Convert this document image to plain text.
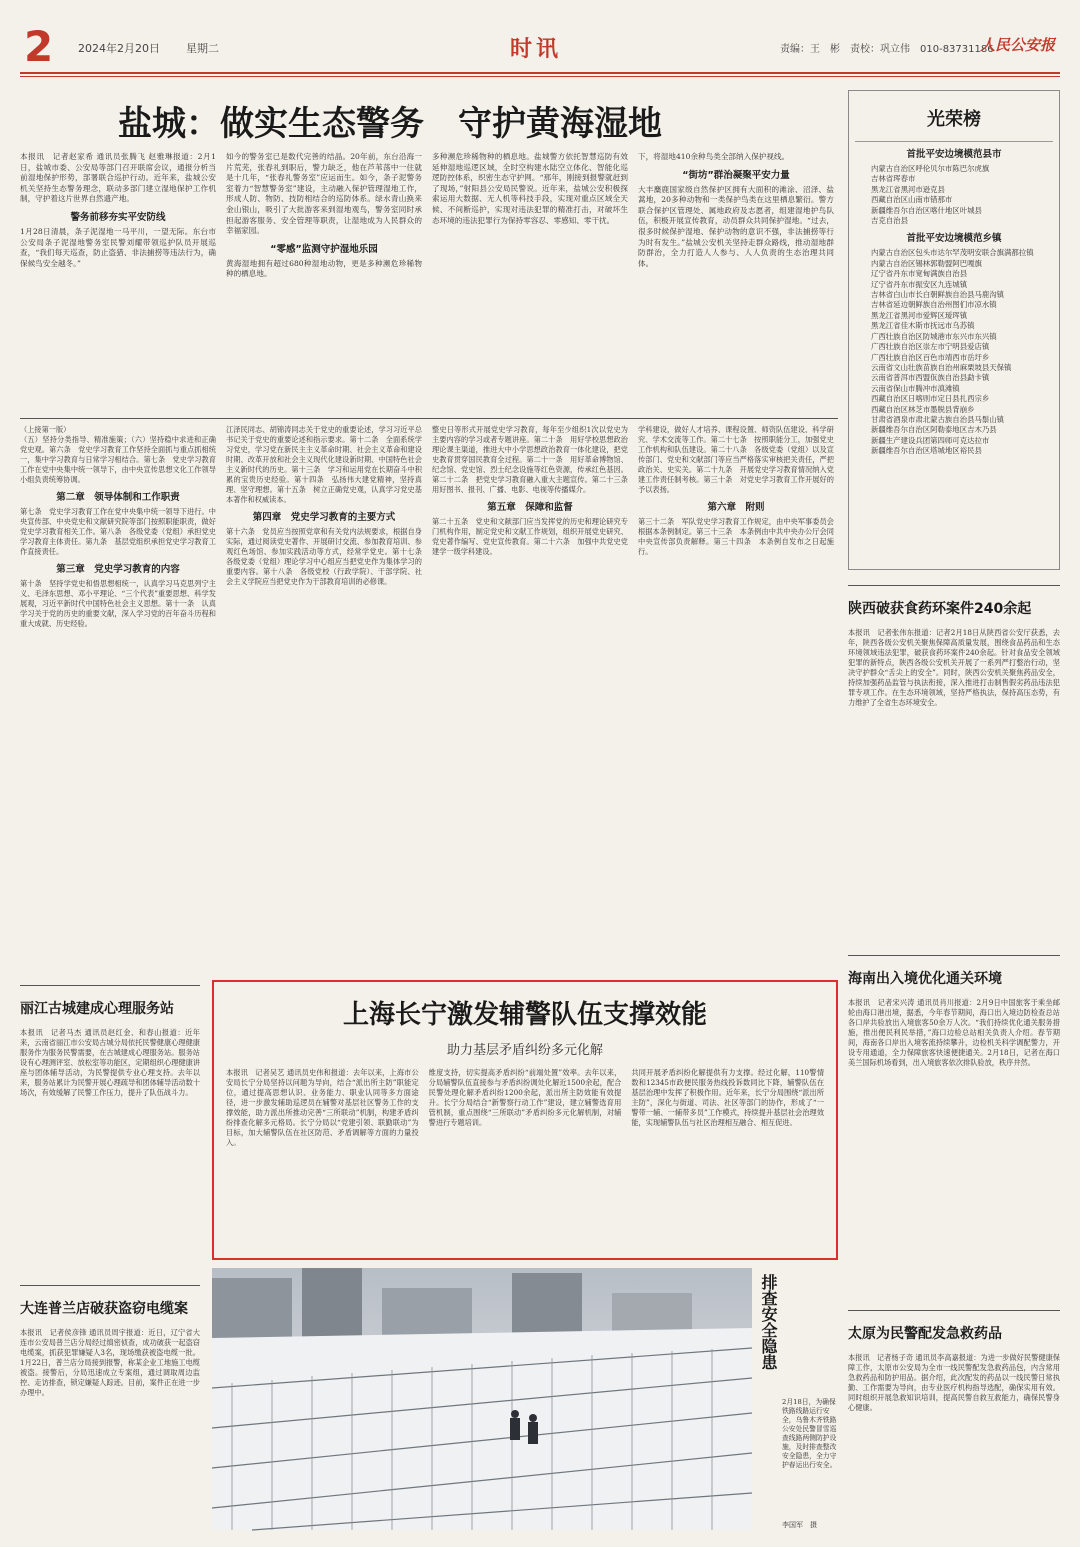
2 2024年2月20日 星期二	时讯	责编：王　彬　责校：巩立伟　010-83731186
人民公安报
盐城：做实生态警务　守护黄海湿地

本报讯　记者赵家希 通讯员张腾飞 赵雅琳报道：2月1日，盐城市委、公安局等部门召开联席会议，通报分析当前湿地保护形势，部署联合巡护行动。近年来，盐城公安机关坚持生态警务理念，联动多部门建立湿地保护工作机制，守护着这片世界自然遗产地。

警务前移夯实平安防线

1月28日清晨，条子泥湿地一马平川，一望无际。东台市公安局条子泥湿地警务室民警刘耀带领巡护队员开展巡查，“我们每天巡查，防止盗猎、非法捕捞等违法行为，确保候鸟安全越冬。”

如今的警务室已是数代完善的结晶。20年前，东台沿海一片荒芜，张春礼到职后，警力缺乏，他在芦苇荡中一住就是十几年，“张春礼警务室”应运而生。如今，条子泥警务室着力“智慧警务室”建设，主动融入保护管理湿地工作，形成人防、物防、技防相结合的巡防体系。绿水青山换来金山银山，吸引了大批游客来到湿地观鸟，警务室同时承担起游客服务、安全管理等职责，让湿地成为人民群众的幸福家园。

“零感”监测守护湿地乐园

黄海湿地拥有超过680种湿地动物，更是多种濒危珍稀物种的栖息地。

多种濒危珍稀物种的栖息地。盐城警方依托智慧巡防有效延伸湿地巡逻区域，全时空构建水陆空立体化、智能化巡逻防控体系，织密生态守护网。“那年，刚接到报警就赶到了现场，”射阳县公安局民警说。近年来，盐城公安积极探索运用大数据、无人机等科技手段，实现对重点区域全天候、不间断巡护，实现对违法犯罪的精准打击，对破坏生态环境的违法犯罪行为保持零容忍、零感知、零干扰。

下，将湿地410余种鸟类全部纳入保护视线。

“街坊”群治凝聚平安力量

大丰麋鹿国家级自然保护区拥有大面积的滩涂、沼泽、盐蒿地，20多种动物和一类保护鸟类在这里栖息繁衍。警方联合保护区管理处、属地政府及志愿者，组建湿地护鸟队伍，积极开展宣传教育，动员群众共同保护湿地。“过去，很多时候保护湿地、保护动物的意识不强，非法捕捞等行为时有发生。”盐城公安机关坚持走群众路线，推动湿地群防群治，全力打造人人参与、人人负责的生态治理共同体。

光荣榜
首批平安边境模范县市
内蒙古自治区呼伦贝尔市陈巴尔虎旗
吉林省珲春市
黑龙江省黑河市逊克县
西藏自治区山南市错那市
新疆维吾尔自治区喀什地区叶城县
吉克自治县
首批平安边境模范乡镇
内蒙古自治区包头市达尔罕茂明安联合旗满都拉镇
内蒙古自治区锡林郭勒盟阿巴嘎旗
辽宁省丹东市宽甸满族自治县
辽宁省丹东市振安区九连城镇
吉林省白山市长白朝鲜族自治县马鹿沟镇
吉林省延边朝鲜族自治州图们市凉水镇
黑龙江省黑河市爱辉区瑷珲镇
黑龙江省佳木斯市抚远市乌苏镇
广西壮族自治区防城港市东兴市东兴镇
广西壮族自治区崇左市宁明县爱店镇
广西壮族自治区百色市靖西市岳圩乡
云南省文山壮族苗族自治州麻栗坡县天保镇
云南省普洱市西盟佤族自治县勐卡镇
云南省保山市腾冲市滇滩镇
西藏自治区日喀则市定日县扎西宗乡
西藏自治区林芝市墨脱县背崩乡
甘肃省酒泉市肃北蒙古族自治县马鬃山镇
新疆维吾尔自治区阿勒泰地区吉木乃县
新疆生产建设兵团第四师可克达拉市
新疆维吾尔自治区塔城地区裕民县

（上接第一版）

（五）坚持分类指导、精准施策；（六）坚持稳中求进和正确党史观。第六条　党史学习教育工作坚持全面抓与重点抓相统一，集中学习教育与日常学习相结合。第七条　党史学习教育工作在党中央集中统一领导下，由中央宣传思想文化工作领导小组负责统筹协调。

第二章　领导体制和工作职责

第七条　党史学习教育工作在党中央集中统一领导下进行。中央宣传部、中央党史和文献研究院等部门按照职能职责，做好党史学习教育相关工作。第八条　各级党委（党组）承担党史学习教育主体责任。第九条　基层党组织承担党史学习教育工作直接责任。

第三章　党史学习教育的内容

第十条　坚持学党史和悟思想相统一，认真学习马克思列宁主义、毛泽东思想、邓小平理论、“三个代表”重要思想、科学发展观，习近平新时代中国特色社会主义思想。第十一条　认真学习关于党的历史的重要文献，深入学习党的百年奋斗历程和重大成就、历史经验。

江泽民同志、胡锦涛同志关于党史的重要论述，学习习近平总书记关于党史的重要论述和指示要求。第十二条　全面系统学习党史，学习党在新民主主义革命时期、社会主义革命和建设时期、改革开放和社会主义现代化建设新时期、中国特色社会主义新时代的历史。第十三条　学习和运用党在长期奋斗中积累的宝贵历史经验。第十四条　弘扬伟大建党精神，坚持真理、坚守理想。第十五条　树立正确党史观，认真学习党史基本著作和权威读本。

第四章　党史学习教育的主要方式

第十六条　党员应当按照党章和有关党内法规要求，根据自身实际，通过阅读党史著作、开展研讨交流、参加教育培训、参观红色场馆、参加实践活动等方式，经常学党史。第十七条　各级党委（党组）理论学习中心组应当把党史作为集体学习的重要内容。第十八条　各级党校（行政学院）、干部学院、社会主义学院应当把党史作为干部教育培训的必修课。

整史日等形式开展党史学习教育，每年至少组织1次以党史为主要内容的学习或者专题讲座。第二十条　用好学校思想政治理论课主渠道，推进大中小学思想政治教育一体化建设，把党史教育贯穿国民教育全过程。第二十一条　用好革命博物馆、纪念馆、党史馆、烈士纪念设施等红色资源，传承红色基因。第二十二条　把党史学习教育融入重大主题宣传。第二十三条　用好图书、报刊、广播、电影、电视等传播媒介。

第五章　保障和监督

第二十五条　党史和文献部门应当发挥党的历史和理论研究专门机构作用，制定党史和文献工作规划，组织开展党史研究、党史著作编写、党史宣传教育。第二十六条　加强中共党史党建学一级学科建设。

学科建设，做好人才培养、课程设置、师资队伍建设、科学研究、学术交流等工作。第二十七条　按照职能分工，加强党史工作机构和队伍建设。第二十八条　各级党委（党组）以及宣传部门、党史和文献部门等应当严格落实审核把关责任，严把政治关、史实关。第二十九条　开展党史学习教育情况纳入党建工作责任制考核。第三十条　对党史学习教育工作开展好的予以表扬。

第六章　附则

第三十二条　军队党史学习教育工作规定，由中央军事委员会根据本条例制定。第三十三条　本条例由中共中央办公厅会同中央宣传部负责解释。第三十四条　本条例自发布之日起施行。

陕西破获食药环案件240余起

本报讯　记者张伟东报道：记者2月18日从陕西省公安厅获悉，去年，陕西各级公安机关聚焦保障高质量发展，围绕食品药品和生态环境领域违法犯罪，破获食药环案件240余起。针对食品安全领域犯罪的新特点，陕西各级公安机关开展了一系列严打整治行动，坚决守护群众“舌尖上的安全”。同时，陕西公安机关聚焦药品安全，持续加强药品监管与执法衔接，深入推进打击制售假劣药品违法犯罪专项工作。在生态环境领域，坚持严格执法，保持高压态势，有力维护了全省生态环境安全。

海南出入境优化通关环境

本报讯　记者宋兴涛 通讯员肖川报道：2月9日中国旅客于乘坐邮轮由海口港出境，据悉，今年春节期间，海口出入境边防检查总站各口岸共验放出入境旅客50余万人次。“我们持续优化通关服务措施，推出便民利民举措，”海口边检总站相关负责人介绍。春节期间，海南各口岸出入境客流持续攀升，边检机关科学调配警力，开设专用通道，全力保障旅客快速便捷通关。2月18日，记者在海口美兰国际机场看到，出入境旅客依次排队验放，秩序井然。

太原为民警配发急救药品

本报讯　记者杨子奇 通讯员李高嘉报道：为进一步做好民警健康保障工作，太原市公安局为全市一线民警配发急救药品包，内含常用急救药品和防护用品。据介绍，此次配发的药品以一线民警日常执勤、工作需要为导向，由专业医疗机构指导选配，确保实用有效。同时组织开展急救知识培训，提高民警自救互救能力，确保民警身心健康。

丽江古城建成心理服务站

本报讯　记者马杰 通讯员赵红金、和春山报道：近年来，云南省丽江市公安局古城分局依托民警健康心理健康服务作为服务民警需要，在古城建成心理服务站。服务站设有心理测评室、放松室等功能区，定期组织心理健康讲座与团体辅导活动，为民警提供专业心理支持。去年以来，服务站累计为民警开展心理疏导和团体辅导活动数十场次，有效缓解了民警工作压力，提升了队伍战斗力。

大连普兰店破获盗窃电缆案

本报讯　记者侯彦锋 通讯员周宇报道：近日，辽宁省大连市公安局普兰店分局经过缜密侦查，成功破获一起盗窃电缆案，抓获犯罪嫌疑人3名，现场缴获被盗电缆一批。1月22日，普兰店分局接到报警，称某企业工地施工电缆被盗。接警后，分局迅速成立专案组，通过调取周边监控、走访排查，锁定嫌疑人踪迹。目前，案件正在进一步办理中。

上海长宁激发辅警队伍支撑效能
助力基层矛盾纠纷多元化解

本报讯　记者吴艺 通讯员史伟和报道：去年以来，上海市公安局长宁分局坚持以问题为导向，结合“派出所主防”职能定位，通过提高思想认识、业务能力、职业认同等多方面途径，进一步激发辅助巡逻员在辅警对基层社区警务工作的支撑效能，助力派出所推动完善“三所联动”机制，构建矛盾纠纷排查化解多元格局。长宁分局以“党建引领、联勤联动”为目标，加大辅警队伍在社区防范、矛盾调解等方面的力量投入。

维度支持，切实提高矛盾纠纷“前端处置”效率。去年以来，分局辅警队伍直接参与矛盾纠纷调处化解近1500余起，配合民警处理化解矛盾纠纷1200余起，派出所主防效能有效提升。长宁分局结合“新警察行动工作”建设，建立辅警选育用管机制，重点围绕“三所联动”矛盾纠纷多元化解机制，对辅警进行专题培训。

共同开展矛盾纠纷化解提供有力支撑。经过化解，110警情数和12345市政便民服务热线投诉数同比下降，辅警队伍在基层治理中发挥了积极作用。近年来，长宁分局围绕“派出所主防”，深化与街道、司法、社区等部门的协作，形成了“一警带一辅、一辅带多员”工作模式，持续提升基层社会治理效能，实现辅警队伍与社区治理相互融合、相互促进。

排查安全隐患
2月18日，为确保铁路线路运行安全，乌鲁木齐铁路公安处民警冒雪巡查线路两侧防护设施，及时排查整改安全隐患，全力守护春运出行安全。
李国军　摄
